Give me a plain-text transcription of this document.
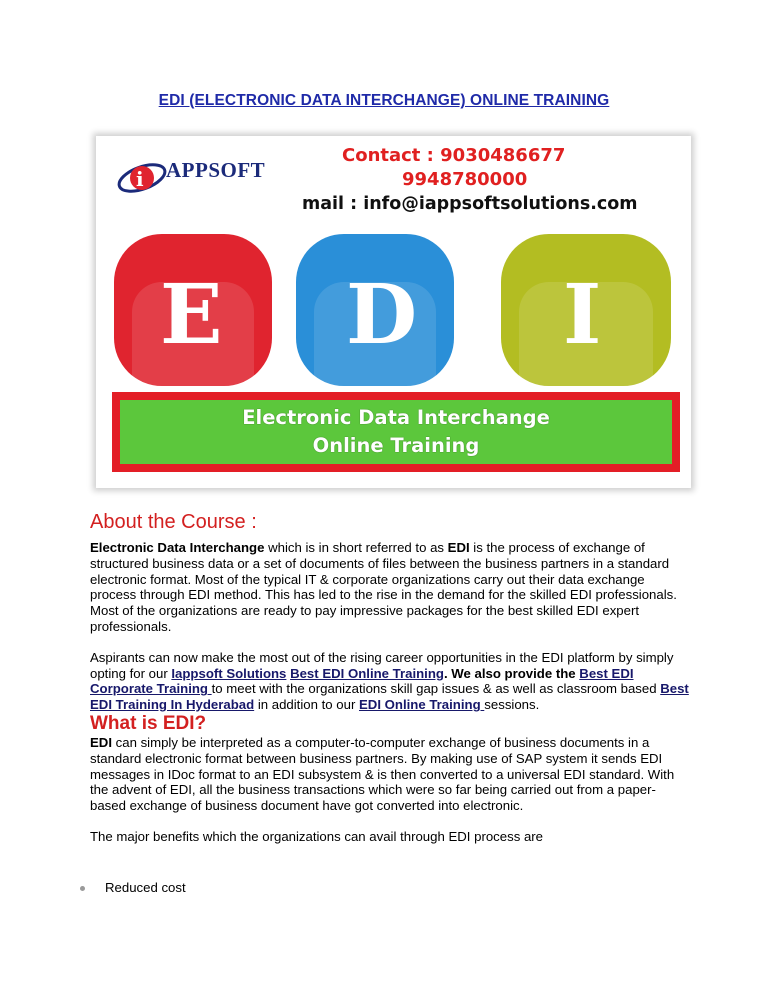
EDI (ELECTRONIC DATA INTERCHANGE) ONLINE TRAINING
i APPSOFT
Contact : 9030486677
9948780000
mail : info@iappsoftsolutions.com
E D I
Electronic Data Interchange
Online Training
About the Course :

Electronic Data Interchange which is in short referred to as EDI is the process of exchange of structured business data or a set of documents of files between the business partners in a standard electronic format. Most of the typical IT & corporate organizations carry out their data exchange process through EDI method. This has led to the rise in the demand for the skilled EDI professionals. Most of the organizations are ready to pay impressive packages for the best skilled EDI expert professionals.

Aspirants can now make the most out of the rising career opportunities in the EDI platform by simply opting for our Iappsoft Solutions Best EDI Online Training. We also provide the Best EDI Corporate Training to meet with the organizations skill gap issues & as well as classroom based Best EDI Training In Hyderabad in addition to our EDI Online Training sessions.

What is EDI?

EDI can simply be interpreted as a computer-to-computer exchange of business documents in a standard electronic format between business partners. By making use of SAP system it sends EDI messages in IDoc format to an EDI subsystem & is then converted to a universal EDI standard. With the advent of EDI, all the business transactions which were so far being carried out from a paper-based exchange of business document have got converted into electronic.

The major benefits which the organizations can avail through EDI process are

Reduced cost
